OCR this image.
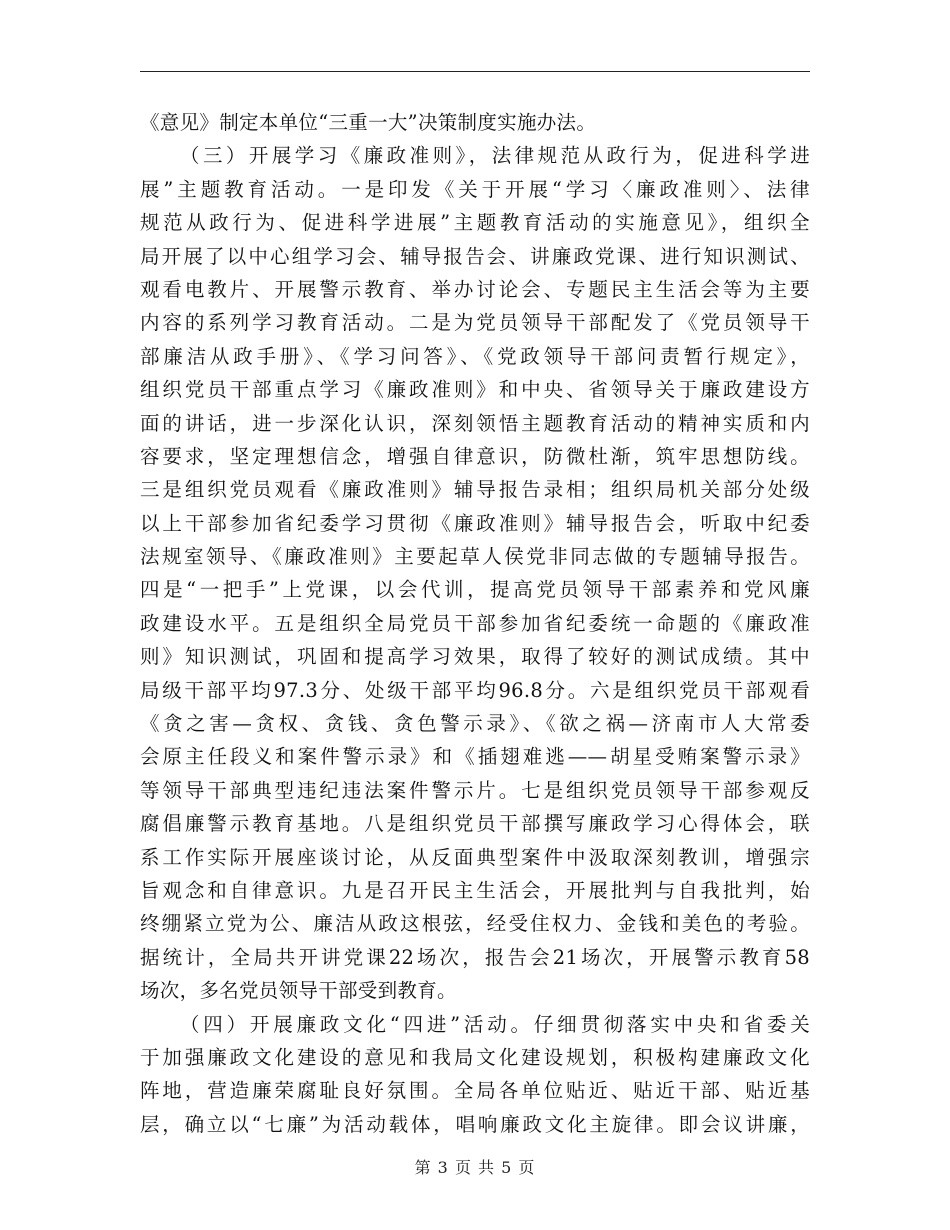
《意见》制定本单位“三重一大”决策制度实施办法。
（三）开展学习《廉政准则》，法律规范从政行为，促进科学进
展”主题教育活动。一是印发《关于开展“学习〈廉政准则〉、法律
规范从政行为、促进科学进展”主题教育活动的实施意见》，组织全
局开展了以中心组学习会、辅导报告会、讲廉政党课、进行知识测试、
观看电教片、开展警示教育、举办讨论会、专题民主生活会等为主要
内容的系列学习教育活动。二是为党员领导干部配发了《党员领导干
部廉洁从政手册》、《学习问答》、《党政领导干部问责暂行规定》，
组织党员干部重点学习《廉政准则》和中央、省领导关于廉政建设方
面的讲话，进一步深化认识，深刻领悟主题教育活动的精神实质和内
容要求，坚定理想信念，增强自律意识，防微杜渐，筑牢思想防线。
三是组织党员观看《廉政准则》辅导报告录相；组织局机关部分处级
以上干部参加省纪委学习贯彻《廉政准则》辅导报告会，听取中纪委
法规室领导、《廉政准则》主要起草人侯党非同志做的专题辅导报告。
四是“一把手”上党课，以会代训，提高党员领导干部素养和党风廉
政建设水平。五是组织全局党员干部参加省纪委统一命题的《廉政准
则》知识测试，巩固和提高学习效果，取得了较好的测试成绩。其中
局级干部平均97.3分、处级干部平均96.8分。六是组织党员干部观看
《贪之害—贪权、贪钱、贪色警示录》、《欲之祸—济南市人大常委
会原主任段义和案件警示录》和《插翅难逃——胡星受贿案警示录》
等领导干部典型违纪违法案件警示片。七是组织党员领导干部参观反
腐倡廉警示教育基地。八是组织党员干部撰写廉政学习心得体会，联
系工作实际开展座谈讨论，从反面典型案件中汲取深刻教训，增强宗
旨观念和自律意识。九是召开民主生活会，开展批判与自我批判，始
终绷紧立党为公、廉洁从政这根弦，经受住权力、金钱和美色的考验。
据统计，全局共开讲党课22场次，报告会21场次，开展警示教育58
场次，多名党员领导干部受到教育。
（四）开展廉政文化“四进”活动。仔细贯彻落实中央和省委关
于加强廉政文化建设的意见和我局文化建设规划，积极构建廉政文化
阵地，营造廉荣腐耻良好氛围。全局各单位贴近、贴近干部、贴近基
层，确立以“七廉”为活动载体，唱响廉政文化主旋律。即会议讲廉，
第 3 页 共 5 页
